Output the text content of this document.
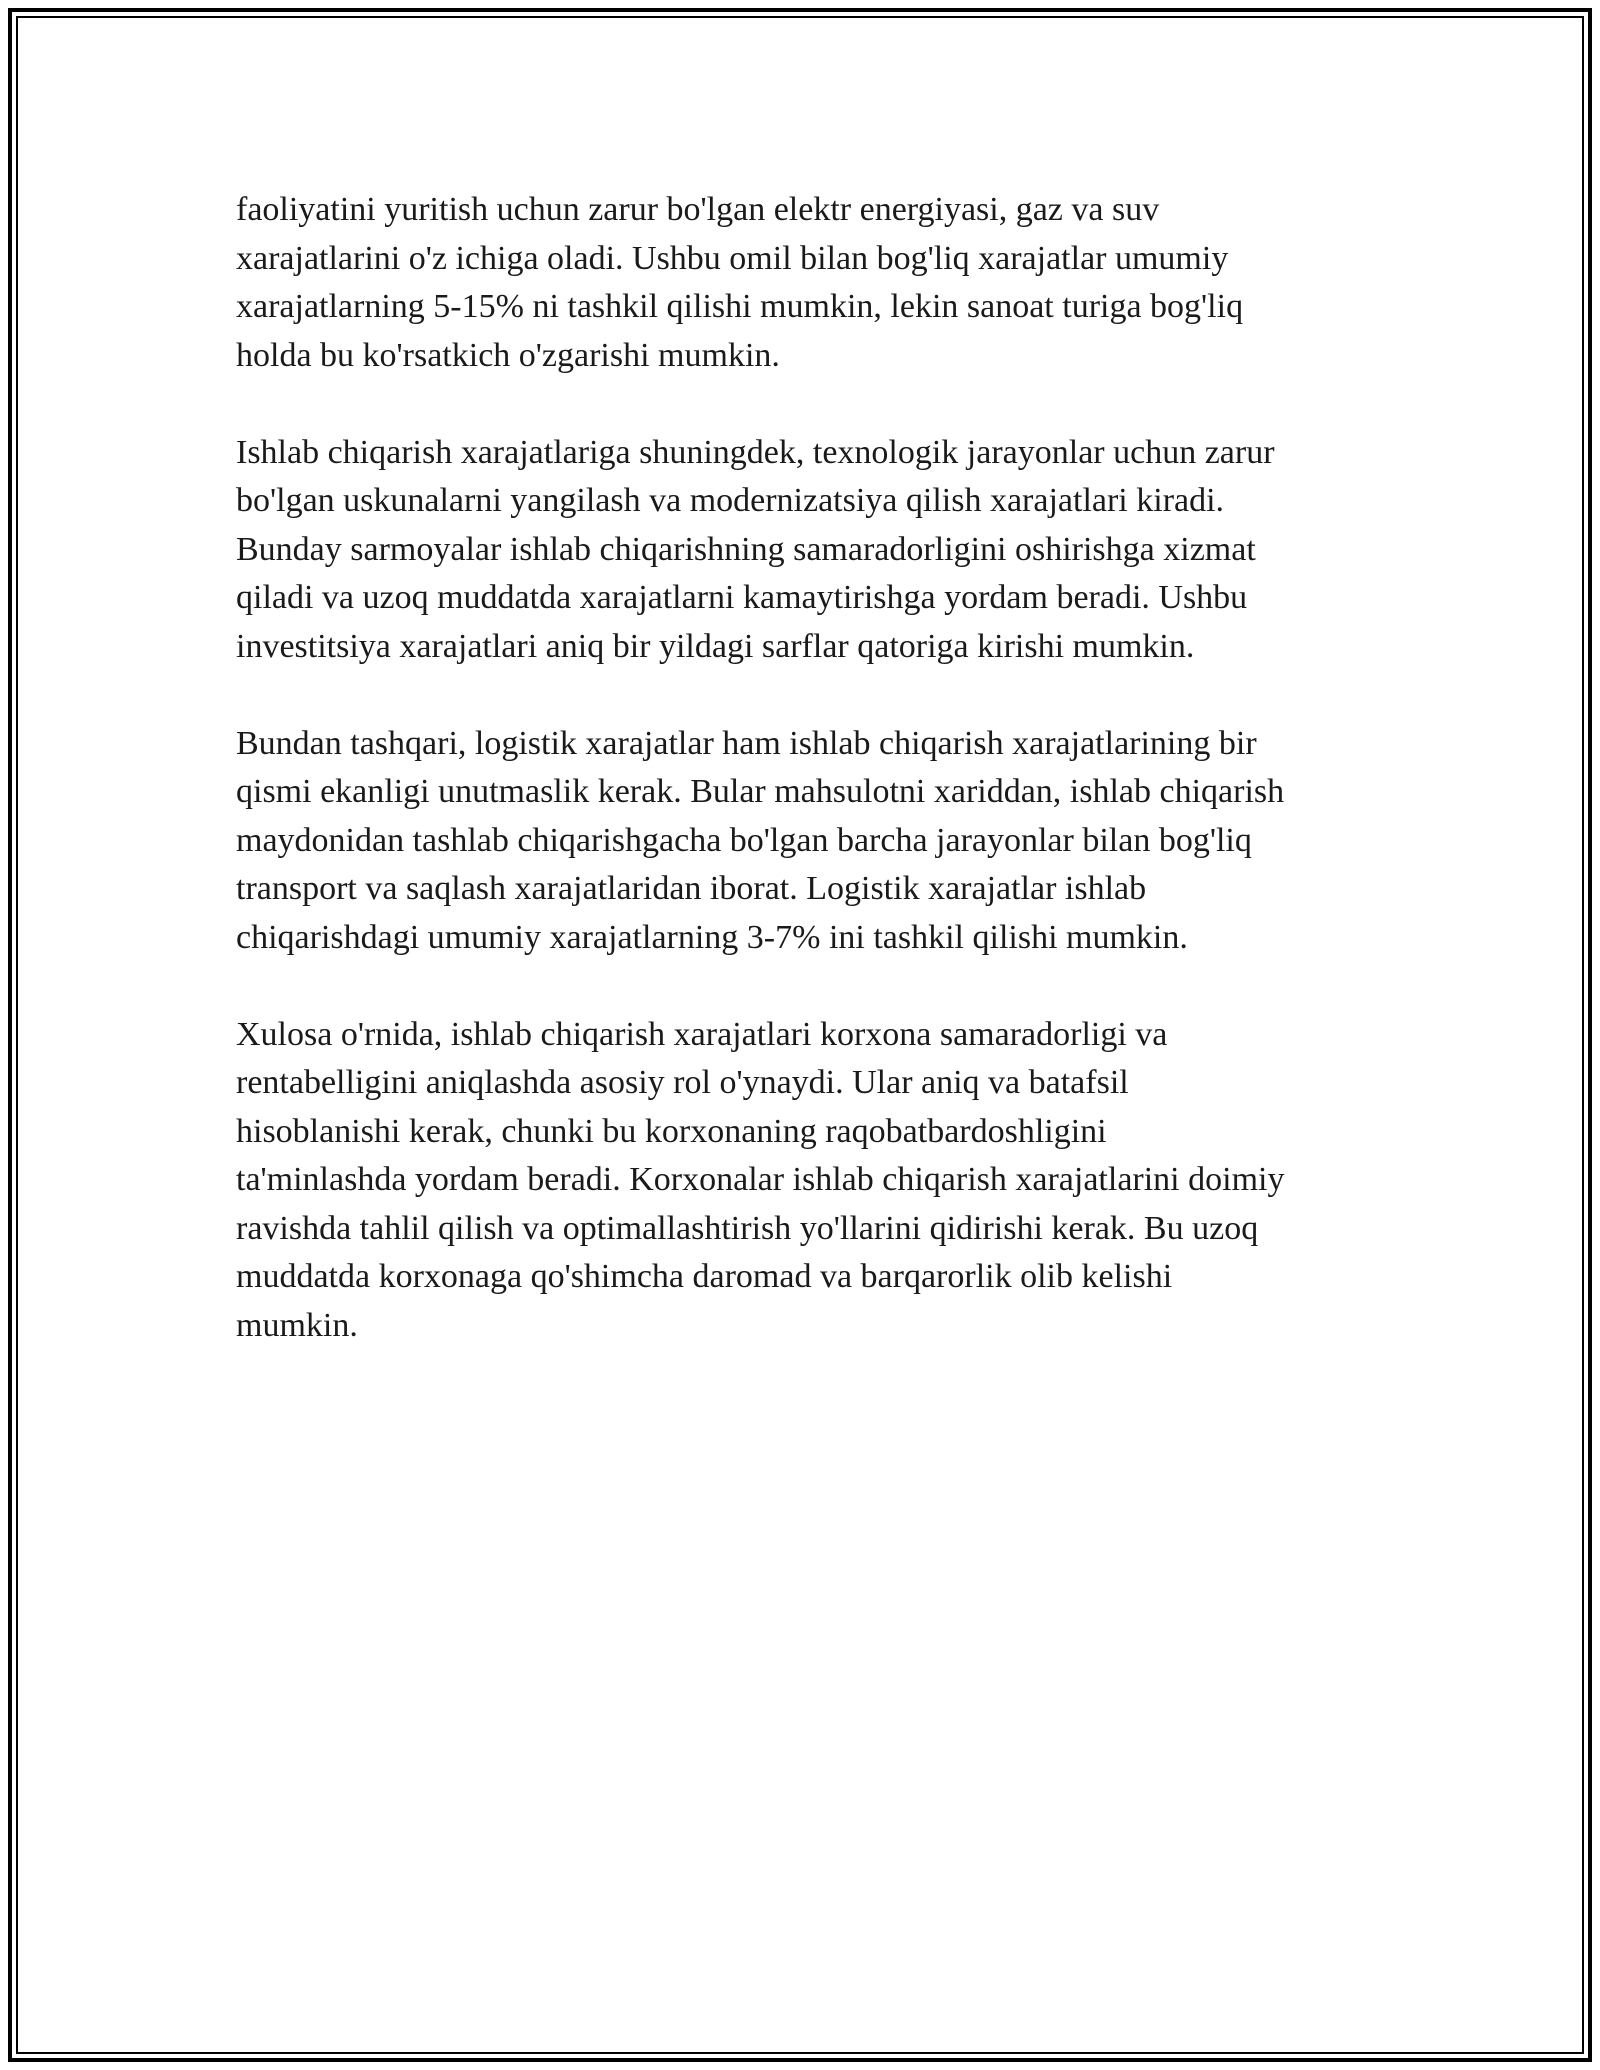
faoliyatini yuritish uchun zarur bo'lgan elektr energiyasi, gaz va suv
xarajatlarini o'z ichiga oladi. Ushbu omil bilan bog'liq xarajatlar umumiy
xarajatlarning 5-15% ni tashkil qilishi mumkin, lekin sanoat turiga bog'liq
holda bu ko'rsatkich o'zgarishi mumkin.

Ishlab chiqarish xarajatlariga shuningdek, texnologik jarayonlar uchun zarur
bo'lgan uskunalarni yangilash va modernizatsiya qilish xarajatlari kiradi.
Bunday sarmoyalar ishlab chiqarishning samaradorligini oshirishga xizmat
qiladi va uzoq muddatda xarajatlarni kamaytirishga yordam beradi. Ushbu
investitsiya xarajatlari aniq bir yildagi sarflar qatoriga kirishi mumkin.

Bundan tashqari, logistik xarajatlar ham ishlab chiqarish xarajatlarining bir
qismi ekanligi unutmaslik kerak. Bular mahsulotni xariddan, ishlab chiqarish
maydonidan tashlab chiqarishgacha bo'lgan barcha jarayonlar bilan bog'liq
transport va saqlash xarajatlaridan iborat. Logistik xarajatlar ishlab
chiqarishdagi umumiy xarajatlarning 3-7% ini tashkil qilishi mumkin.

Xulosa o'rnida, ishlab chiqarish xarajatlari korxona samaradorligi va
rentabelligini aniqlashda asosiy rol o'ynaydi. Ular aniq va batafsil
hisoblanishi kerak, chunki bu korxonaning raqobatbardoshligini
ta'minlashda yordam beradi. Korxonalar ishlab chiqarish xarajatlarini doimiy
ravishda tahlil qilish va optimallashtirish yo'llarini qidirishi kerak. Bu uzoq
muddatda korxonaga qo'shimcha daromad va barqarorlik olib kelishi
mumkin.
